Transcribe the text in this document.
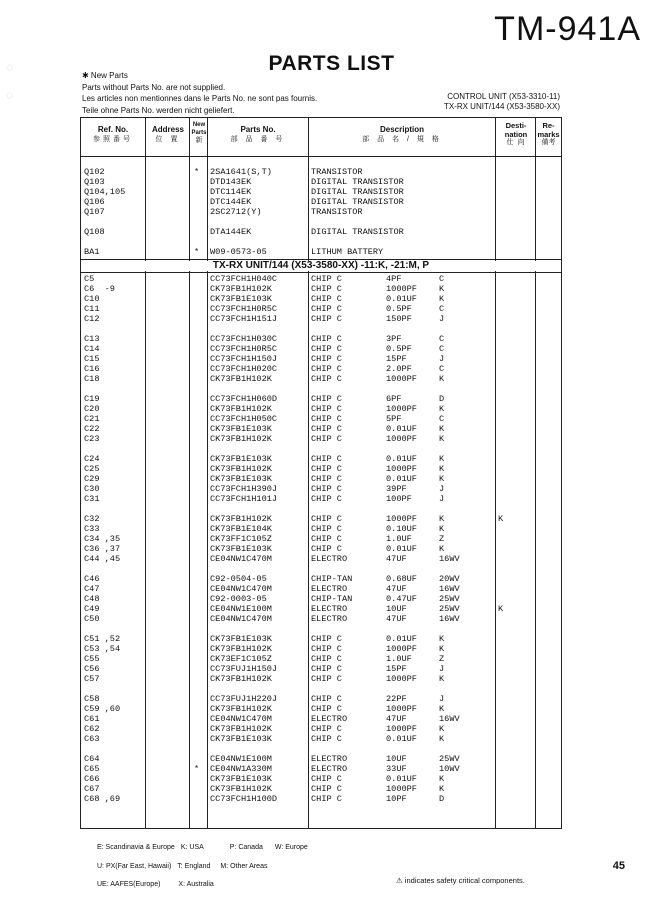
◌
◌
TM-941A
PARTS LIST
✱ New Parts
Parts without Parts No. are not supplied.
Les articles non mentionnes dans le Parts No. ne sont pas fournis.
Teile ohne Parts No. werden nicht geliefert.
CONTROL UNIT (X53-3310-11)
TX-RX UNIT/144 (X53-3580-XX)
Ref. No.
参照番号
Address
位 置
New Parts
新
Parts No.
部 品 番 号
Description
部 品 名 / 規 格
Desti- nation
仕 向
Re- marks
備考
Q102	* 2SA1641(S,T)	TRANSISTOR
Q103	DTD143EK	DIGITAL TRANSISTOR
Q104,105	DTC114EK	DIGITAL TRANSISTOR
Q106	DTC144EK	DIGITAL TRANSISTOR
Q107	2SC2712(Y)	TRANSISTOR
Q108	DTA144EK	DIGITAL TRANSISTOR
BA1	* W09-0573-05	LITHUM BATTERY
TX-RX UNIT/144 (X53-3580-XX) -11:K, -21:M, P
C5	CC73FCH1H040C	CHIP C	4PF	C
C6  -9	CK73FB1H102K	CHIP C	1000PF	K
C10	CK73FB1E103K	CHIP C	0.01UF	K
C11	CC73FCH1H0R5C	CHIP C	0.5PF	C
C12	CC73FCH1H151J	CHIP C	150PF	J
C13	CC73FCH1H030C	CHIP C	3PF	C
C14	CC73FCH1H0R5C	CHIP C	0.5PF	C
C15	CC73FCH1H150J	CHIP C	15PF	J
C16	CC73FCH1H020C	CHIP C	2.0PF	C
C18	CK73FB1H102K	CHIP C	1000PF	K
C19	CC73FCH1H060D	CHIP C	6PF	D
C20	CK73FB1H102K	CHIP C	1000PF	K
C21	CC73FCH1H050C	CHIP C	5PF	C
C22	CK73FB1E103K	CHIP C	0.01UF	K
C23	CK73FB1H102K	CHIP C	1000PF	K
C24	CK73FB1E103K	CHIP C	0.01UF	K
C25	CK73FB1H102K	CHIP C	1000PF	K
C29	CK73FB1E103K	CHIP C	0.01UF	K
C30	CC73FCH1H390J	CHIP C	39PF	J
C31	CC73FCH1H101J	CHIP C	100PF	J
C32	CK73FB1H102K	CHIP C	1000PF	K	K
C33	CK73FB1E104K	CHIP C	0.10UF	K
C34 ,35	CK73FF1C105Z	CHIP C	1.0UF	Z
C36 ,37	CK73FB1E103K	CHIP C	0.01UF	K
C44 ,45	CE04NW1C470M	ELECTRO	47UF	16WV
C46	C92-0504-05	CHIP-TAN	0.68UF	20WV
C47	CE04NW1C470M	ELECTRO	47UF	16WV
C48	C92-0003-05	CHIP-TAN	0.47UF	25WV
C49	CE04NW1E100M	ELECTRO	10UF	25WV	K
C50	CE04NW1C470M	ELECTRO	47UF	16WV
C51 ,52	CK73FB1E103K	CHIP C	0.01UF	K
C53 ,54	CK73FB1H102K	CHIP C	1000PF	K
C55	CK73EF1C105Z	CHIP C	1.0UF	Z
C56	CC73FUJ1H150J	CHIP C	15PF	J
C57	CK73FB1H102K	CHIP C	1000PF	K
C58	CC73FUJ1H220J	CHIP C	22PF	J
C59 ,60	CK73FB1H102K	CHIP C	1000PF	K
C61	CE04NW1C470M	ELECTRO	47UF	16WV
C62	CK73FB1H102K	CHIP C	1000PF	K
C63	CK73FB1E103K	CHIP C	0.01UF	K
C64	CE04NW1E100M	ELECTRO	10UF	25WV
C65	* CE04NW1A330M	ELECTRO	33UF	10WV
C66	CK73FB1E103K	CHIP C	0.01UF	K
C67	CK73FB1H102K	CHIP C	1000PF	K
C68 ,69	CC73FCH1H100D	CHIP C	10PF	D
E: Scandinavia & Europe K: USA	P: Canada W: Europe
U: PX(Far East, Hawaii) T: England M: Other Areas
UE: AAFES(Europe)	X: Australia	⚠ indicates safety critical components.
45
